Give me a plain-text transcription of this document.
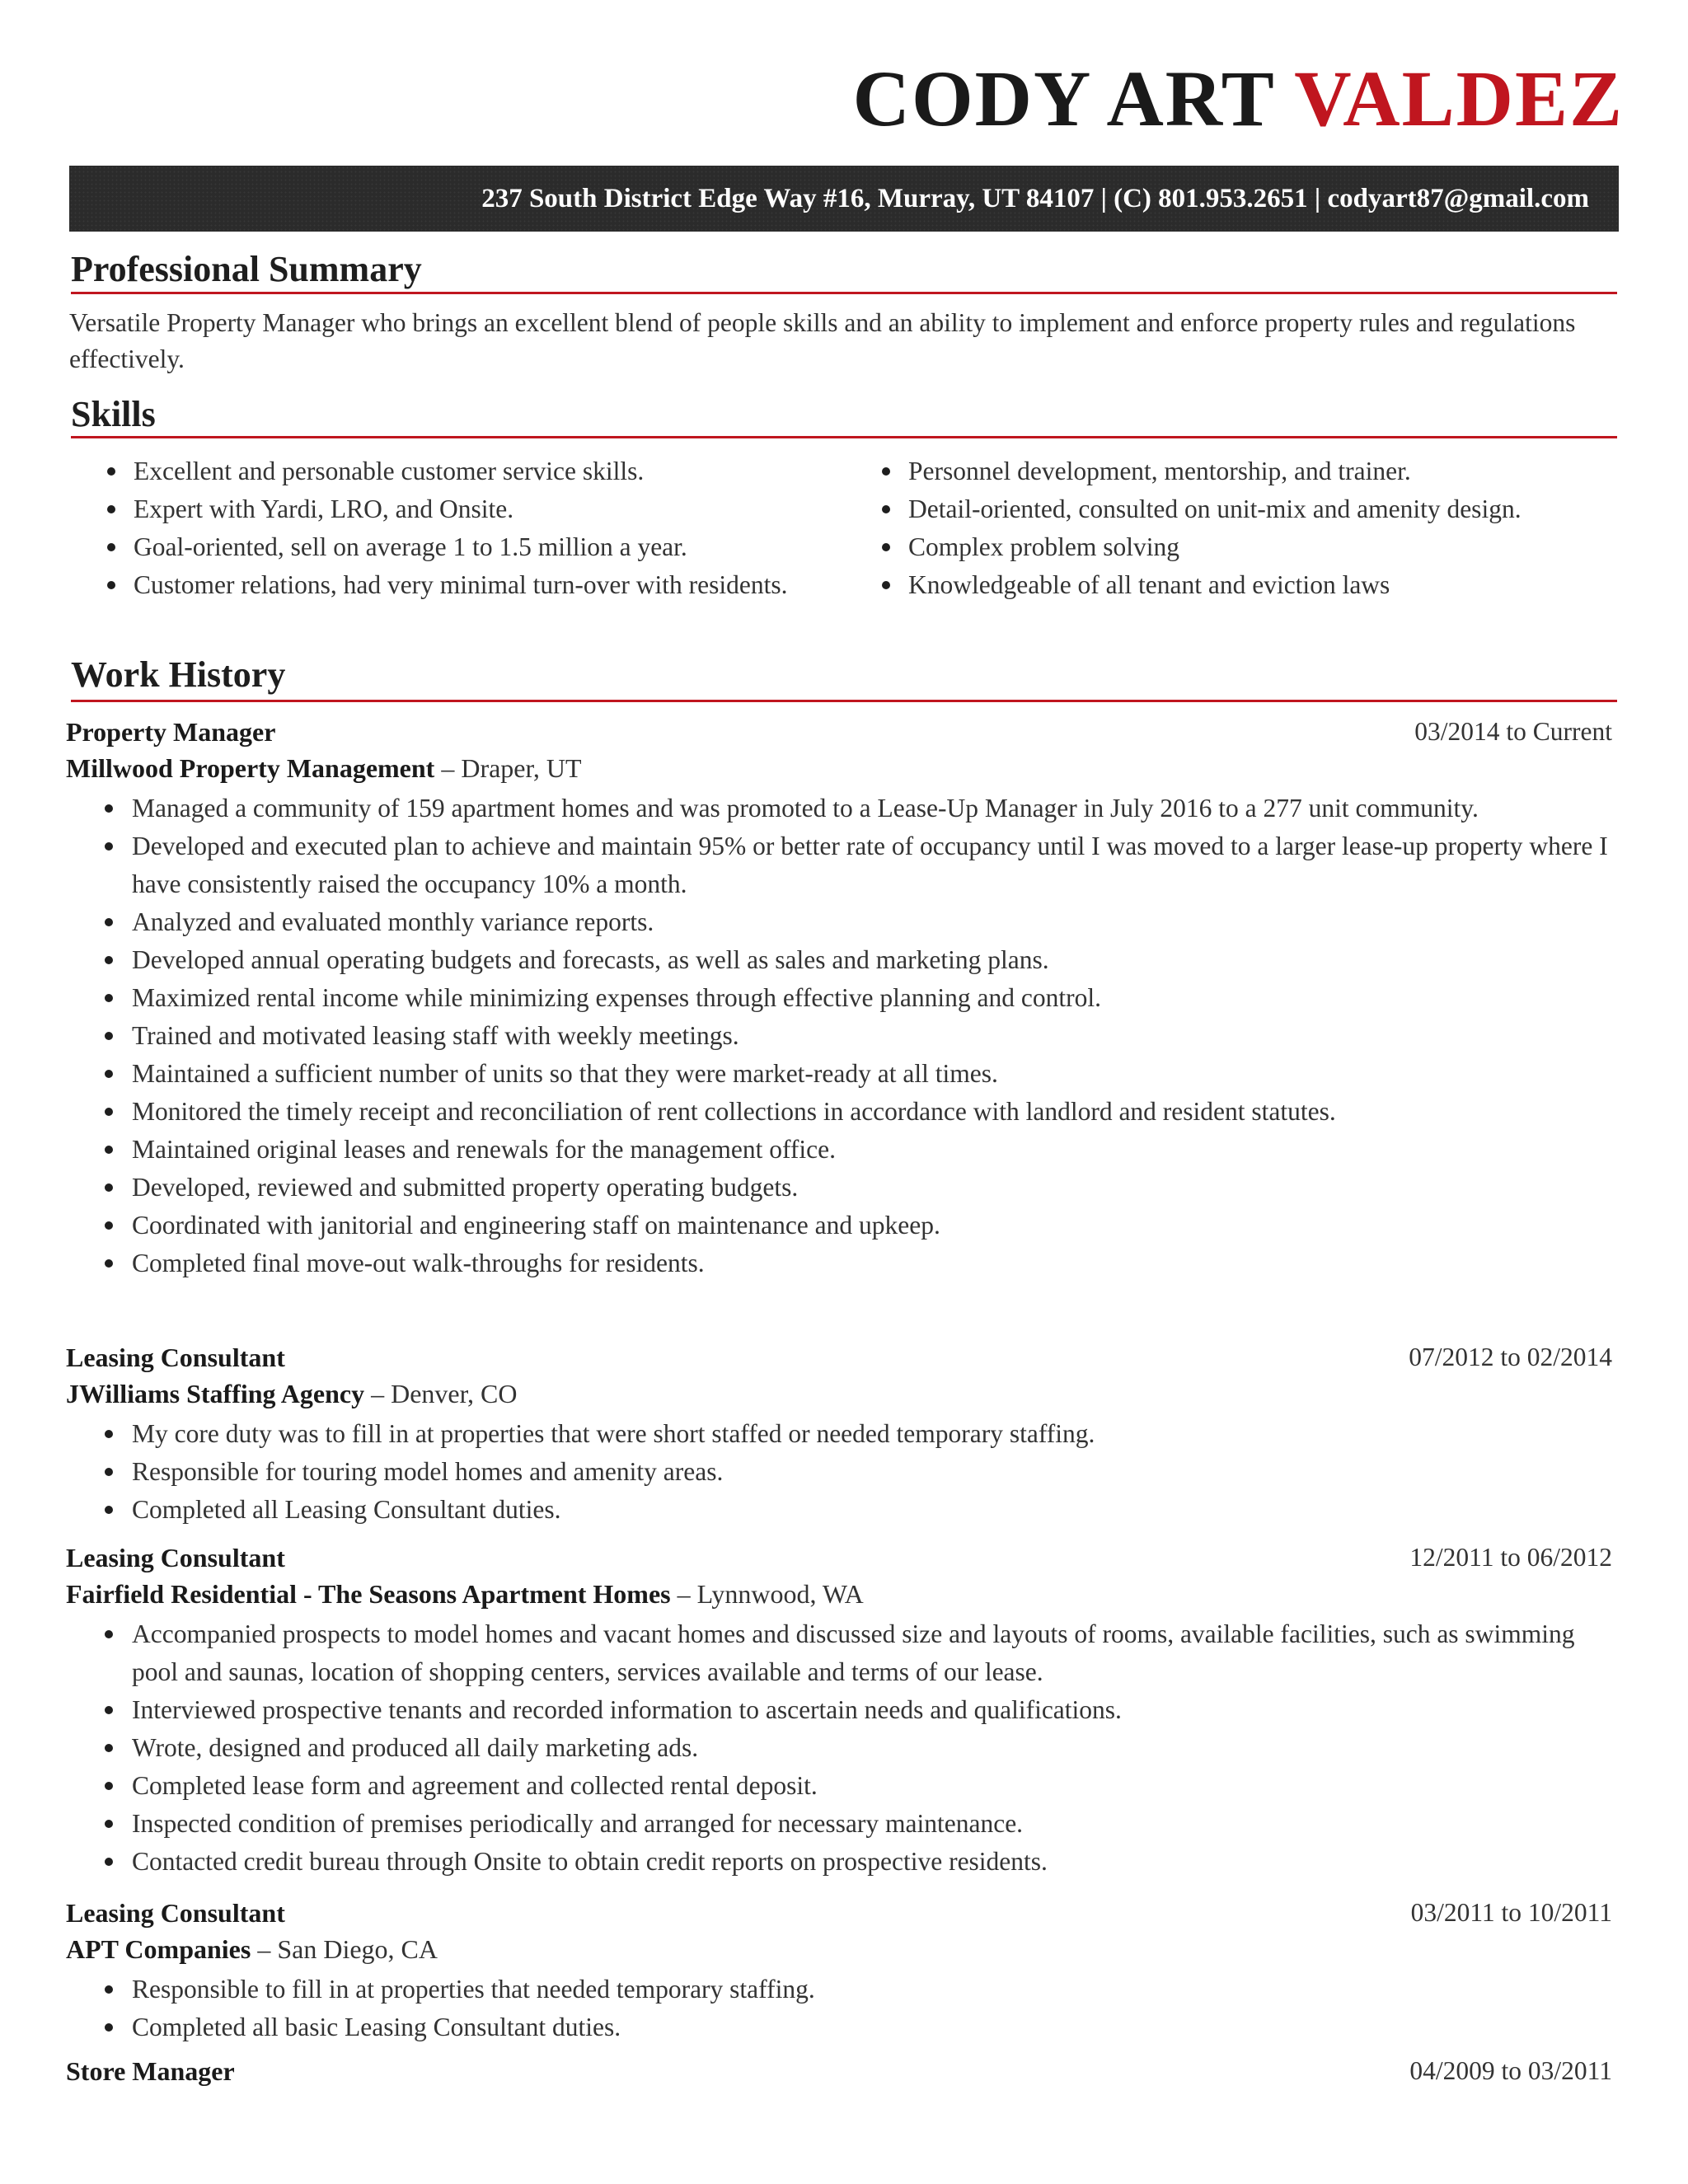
CODY ART VALDEZ
237 South District Edge Way #16, Murray, UT 84107 | (C) 801.953.2651 | codyart87@gmail.com
Professional Summary
Versatile Property Manager who brings an excellent blend of people skills and an ability to implement and enforce property rules and regulations effectively.
Skills
Excellent and personable customer service skills.
Expert with Yardi, LRO, and Onsite.
Goal-oriented, sell on average 1 to 1.5 million a year.
Customer relations, had very minimal turn-over with residents.
Personnel development, mentorship, and trainer.
Detail-oriented, consulted on unit-mix and amenity design.
Complex problem solving
Knowledgeable of all tenant and eviction laws
Work History
Property Manager	03/2014 to Current
Millwood Property Management – Draper, UT
Managed a community of 159 apartment homes and was promoted to a Lease-Up Manager in July 2016 to a 277 unit community.
Developed and executed plan to achieve and maintain 95% or better rate of occupancy until I was moved to a larger lease-up property where I have consistently raised the occupancy 10% a month.
Analyzed and evaluated monthly variance reports.
Developed annual operating budgets and forecasts, as well as sales and marketing plans.
Maximized rental income while minimizing expenses through effective planning and control.
Trained and motivated leasing staff with weekly meetings.
Maintained a sufficient number of units so that they were market-ready at all times.
Monitored the timely receipt and reconciliation of rent collections in accordance with landlord and resident statutes.
Maintained original leases and renewals for the management office.
Developed, reviewed and submitted property operating budgets.
Coordinated with janitorial and engineering staff on maintenance and upkeep.
Completed final move-out walk-throughs for residents.
Leasing Consultant	07/2012 to 02/2014
JWilliams Staffing Agency – Denver, CO
My core duty was to fill in at properties that were short staffed or needed temporary staffing.
Responsible for touring model homes and amenity areas.
Completed all Leasing Consultant duties.
Leasing Consultant	12/2011 to 06/2012
Fairfield Residential - The Seasons Apartment Homes – Lynnwood, WA
Accompanied prospects to model homes and vacant homes and discussed size and layouts of rooms, available facilities, such as swimming pool and saunas, location of shopping centers, services available and terms of our lease.
Interviewed prospective tenants and recorded information to ascertain needs and qualifications.
Wrote, designed and produced all daily marketing ads.
Completed lease form and agreement and collected rental deposit.
Inspected condition of premises periodically and arranged for necessary maintenance.
Contacted credit bureau through Onsite to obtain credit reports on prospective residents.
Leasing Consultant	03/2011 to 10/2011
APT Companies – San Diego, CA
Responsible to fill in at properties that needed temporary staffing.
Completed all basic Leasing Consultant duties.
Store Manager	04/2009 to 03/2011
